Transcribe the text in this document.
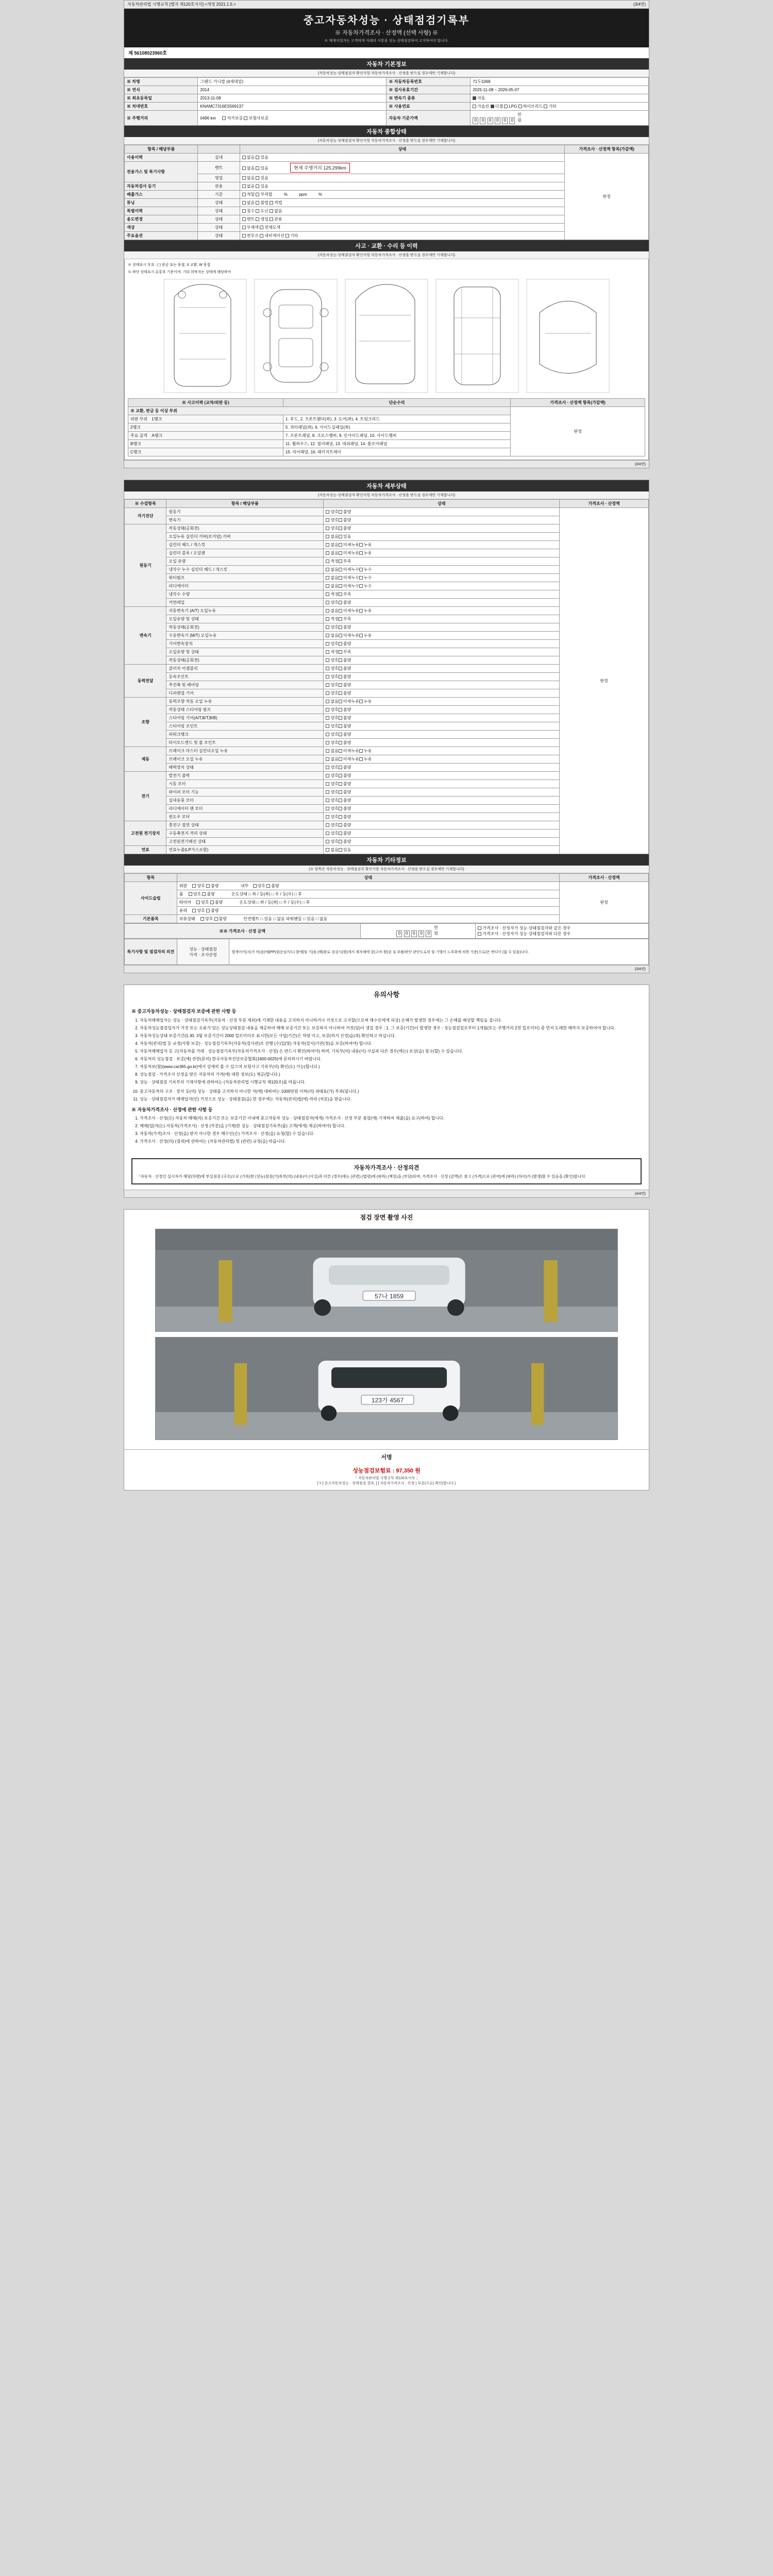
자동차관리법 시행규칙 [별지 제120호서식] <개정 2021.1.5.>	(3/4면)
중고자동차성능 · 상태점검기록부
※ 자동차가격조사 · 산정액 (선택 사항) ※
※ 매매사업자는 고객에게 아래의 사항을 성능·상태점검하여 고지하여야 합니다.
제 56108023960호
자동차 기본정보
(자동차성능·상태점검자 확인사항 자동차가격조사 · 산정을 받으실 경우에만 기재합니다)
※ 차명	그랜드 카니발 (4세대알)	※ 자동차등록번호	71두1069
※ 연식	2014	※ 검사유효기간	2025-11-08 ~ 2026-05-07
※ 최초등록일	2013-11-08	※ 변속기 종류	자동
※ 차대번호	KNAMC7316ES569137	※ 사용연료	가솔린 디젤 LPG 하이브리드 기타
※ 주행거리	0496 km 자가보증 보험사보증	자동차 기준가액	0 0 0 0 0 0 만원
자동차 종합상태
(자동차성능·상태점검자 확인사항 자동차가격조사 · 산정을 받으실 경우에만 기재합니다)
항목 / 해당부품		상태	가격조사 · 산정액 항목(가감액)
사용이력	실내	없음 있음	판정
전용가스 및 특기사항	렌트	없음 있음 현재 주행거리 125,299km	
	영업	없음 있음	
자동차검사 등기	관용	없음 있음	
배출가스	기준	적합 부적합 % ppm %	
튜닝	상태	없음 불법 적법	
특별이력	상태	침수 도난 없음	
용도변경	상태	렌트 영업 관용	
색상	상태	무채색 전체도색	
주요옵션	상태	썬루프 내비게이션 기타	
사고 · 교환 · 수리 등 이력
(자동차성능·상태점검자 확인사항 자동차가격조사 · 산정을 받으실 경우에만 기재합니다)
※ 상태표시 부호 : ( ) 판금 또는 용접, X 교환, W 용접
※ 하단 상태표시 유통부 기준이며, 기타 위탁자는 상태에 해당하여
※ 사고이력 (교차/외판 등)	단순수리	가격조사 · 산정액 항목(가감액)
※ 교환, 판금 등 이상 부위		판정
외판 부위 1랭크	1. 후드, 2. 프론트휀더(좌), 3. 도어(좌), 4. 트렁크리드	
2랭크	5. 쿼터패널(좌), 6. 사이드실패널(좌)	
주요 골격 A랭크	7. 프론트패널, 8. 크로스멤버, 9. 인사이드패널, 10. 사이드멤버	
B랭크	11. 휠하우스, 12. 필러패널, 13. 대쉬패널, 14. 플로어패널	
C랭크	15. 리어패널, 16. 패키지트레이	
(3/4면)
자동차 세부상태
(자동차성능·상태점검자 확인사항 자동차가격조사 · 산정을 받으실 경우에만 기재합니다)
※ 수검항목	항목 / 해당부품	상태	가격조사 · 산정액
자기진단	원동기	양호 불량	판정
	변속기	양호 불량	
원동기	작동상태(공회전)	양호 불량	
	오일누유 실린더 커버(로커암) 커버	없음 있음	
	실린더 헤드 / 개스킷	없음 미세누유 누유	
	실린더 블록 / 오일팬	없음 미세누유 누유	
	오일 유량	적정 부족	
	냉각수 누수 실린더 헤드 / 개스킷	없음 미세누수 누수	
	워터펌프	없음 미세누수 누수	
	라디에이터	없음 미세누수 누수	
	냉각수 수량	적정 부족	
	커먼레일	양호 불량	
변속기	자동변속기 (A/T) 오일누유	없음 미세누유 누유	
	오일유량 및 상태	적정 부족	
	작동상태(공회전)	양호 불량	
	수동변속기 (M/T) 오일누유	없음 미세누유 누유	
	기어변속장치	양호 불량	
	오일유량 및 상태	적정 부족	
	작동상태(공회전)	양호 불량	
동력전달	클러치 어셈블리	양호 불량	
	등속조인트	양호 불량	
	추진축 및 베어링	양호 불량	
	디퍼렌셜 기어	양호 불량	
조향	동력조향 작동 오일 누유	없음 미세누유 누유	
	작동상태 스티어링 펌프	양호 불량	
	스티어링 기어(A/T,B/T,B/B)	양호 불량	
	스티어링 조인트	양호 불량	
	파워크랭크	양호 불량	
	타이로드엔드 및 볼 조인트	양호 불량	
제동	브레이크 마스터 실린더오일 누유	없음 미세누유 누유	
	브레이크 오일 누유	없음 미세누유 누유	
	배력장치 상태	양호 불량	
전기	발전기 출력	양호 불량	
	시동 모터	양호 불량	
	와이퍼 모터 기능	양호 불량	
	실내송풍 모터	양호 불량	
	라디에이터 팬 모터	양호 불량	
	윈도우 모터	양호 불량	
고전원 전기장치	충전구 절연 상태	양호 불량	
	구동축전지 격리 상태	양호 불량	
	고전원전기배선 상태	양호 불량	
연료	연료누출(LP가스포함)	없음 있음	
자동차 기타정보
(※ 항목은 자동차성능 · 상태점검자 확인사항 자동차가격조사 · 산정을 받으실 경우에만 기재합니다)
항목	상태	가격조사 · 산정액
사이드슬립	외관 양호 불량 내부 양호 불량	판정
	룸 양호 불량 온도상태 □ 좌 / 등(좌) □ 우 / 등(우) □ 후	
	타이어 양호 불량 온도상태 □ 좌 / 등(좌) □ 우 / 등(우) □ 후	
	유리 양호 불량	
기본품목	보유상태 양호 불량 안전벨트 □ 있음 □ 없음 파워핸들 □ 있음 □ 없음	
※※ 가격조사 · 산정 금액	0 0 0 0 0 만원	가격조사 · 산정자가 성능·상태점검자와 같은 경우
가격조사 · 산정자가 성능·상태점검자와 다른 경우
특기사항 및 점검자의 의견	
성능 · 상태점검
가격 · 조사산정
	열에이어(크)가 비(음)에(PP)를(는)(지도) 발에(및 기)을 (해)블로 검검시(평)세서 제자체에 중(고차 평)검 심 부품/판단 판단도로의 및 기별이 노후화에 의한 기준(으로)은 변디이 (없 수 있음)나다.
(3/4면)
유의사항
※ 중고자동차성능 · 상태점검자 보증에 관한 사항 등
1. 자동차매매업자는 성능 · 상태점검기록부(자동차 · 산정 부분 제외)에 기재한 내용을 고지하지 아니하거나 거짓으로 고지할(으로써 매수인에게 피상) 손해가 발생한 경우에는 그 손해를 배상할 책임을 집니다.
2. 자동차성능점검업자가 거짓 또는 오류가 있는 성능상태점검 내용을 제공하여 매매 보증기간 또는 보증하지 아니하여 거짓(임)이 생길 경우 : 1. 그 보증(기간)이 발생한 경우 : 성능점검일로부터 1개월(또는 주행거리 2천 킬로미터) 중 먼저 도래한 때까지 보증하여야 합니다.
3. 자동차성능상태 보증기간(1.30. 3월 보증기간이 2000 킬로미터로 표시한(모든 사업(기간)은 차량 이고, 보증(하지 산정)을(과) 확인하고 하십니다.
4. 자동차(관리)법 등 규정(사항 보증) · 성능점검기록부(자동차(검사관)로 진행 (수)입(및) 자동차(검사)기관(정)을 보증(하여야) 합니다.
5. 자동차매매업자 등 고(자동차를 거래 · 성능점검기록부(자동차가격조사 · 산정) 은 반드시 확인(하여야) 하며, 기록부(의) 내용(이) 사실과 다른 경우(에는) 보상(을) 청구(할) 수 있습니다.
6. 자동차의 성능점검 · 보증(에) 관한(문의) 한국자동차진단보증협회(1600-0025)에 문의하시기 바랍니다.
7. 자동차보(험)(www.car365.go.kr)에서 상세히 볼 수 있으며 보험사고 기록부(의) 확인(도) 가능(합니다.)
8. 성능점검 · 가격조사 산정을 받은 자동차의 가격(에) 대한 정보(도) 제공(합니다.)
9. 성능 · 상태점검 기록부의 기재사항에 관하여는 (자동차관리법 시행규칙 제120조)를 따릅니다.
10. 중고자동차의 구조 · 장치 등(의) 성능 · 상태를 고지하지 아니한 자(에) 대하여는 1000만원 이하(의) 과태료(가) 부과(됩니다.)
11. 성능 · 상태점검자가 매매업자(인) 거짓으로 성능 · 상태점검(을) 한 경우에는 자동차(관리)법(에) 따라 (처분)을 받습니다.
※ 자동차가격조사 · 산정에 관한 사항 등
1. 가격조사 · 산정(은) 자동차 매매(의) 보증기간 또는 보증기간 이내에 중고자동차 성능 · 상태점검자(에게) 가격조사 · 산정 부분 점검(에) 기재하여 제출(을) 요구(하여) 합니다.
2. 매매(업)자(는) 자동차(가격조사) · 산정 (부분)을 (기재)한 성능 · 상태점검기록부(를) 고객(에게) 제공(하여야) 합니다.
3. 자동차(가격)조사 · 산정(을) 받지 아니한 경우 매수인(은) 가격조사 · 산정(을) 요청(할) 수 있습니다.
4. 가격조사 · 산정(의) (결과)에 관하여는 (자동차관리법) 및 (관련) 규정(을) 따릅니다.
자동차가격조사 · 산정의견
「자동차 · 산정인 실시자가 해당(차량)에 부실점검 (구조)으로 (기록)한 (성능)점검(기)록부(의) (내용)이 (사실)과 다른 (경우)에는 (관련) (법령)에 (따라) (책임)을 (부담)하며, 가격조사 · 산정 (금액)은 참고 (가격)으로 (관여)에 (따라) (차이)가 (발생)할 수 있음을 (확인)합니다.
(4/4면)
점검 장면 촬영 사진
57나 1859
123가 4567
서명
성능점검보험료 : 97,350 원
「 자동차관리법 시행규칙 제120호서식 」
[ Y ] 중고자동차성능 · 상태점검 결과, [ ] 자동차가격조사 · 산정 ) 부분(으로) 확인(합니다.)
